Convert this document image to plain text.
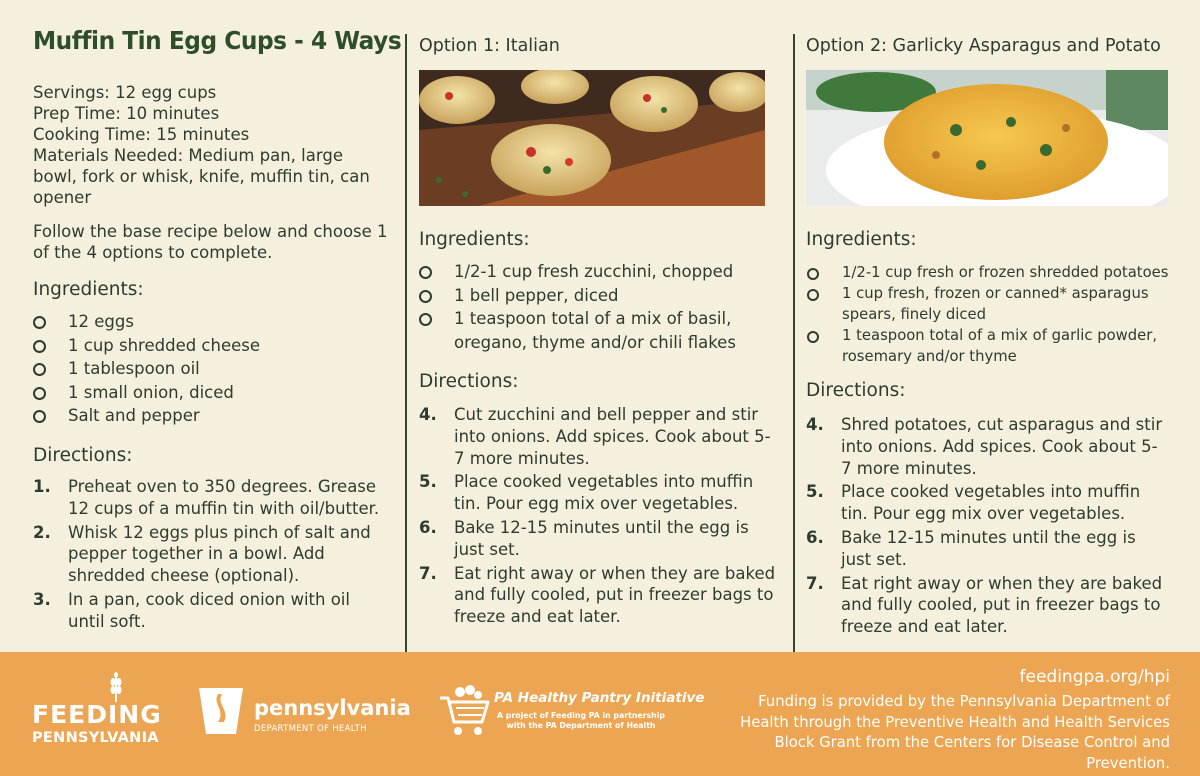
Muffin Tin Egg Cups - 4 Ways
Servings: 12 egg cups
Prep Time: 10 minutes
Cooking Time: 15 minutes
Materials Needed: Medium pan, large bowl, fork or whisk, knife, muffin tin, can opener
Follow the base recipe below and choose 1 of the 4 options to complete.
Ingredients:
12 eggs
1 cup shredded cheese
1 tablespoon oil
1 small onion, diced
Salt and pepper
Directions:
1. Preheat oven to 350 degrees. Grease 12 cups of a muffin tin with oil/butter.
2. Whisk 12 eggs plus pinch of salt and pepper together in a bowl. Add shredded cheese (optional).
3. In a pan, cook diced onion with oil until soft.
Option 1: Italian
Ingredients:
1/2-1 cup fresh zucchini, chopped
1 bell pepper, diced
1 teaspoon total of a mix of basil, oregano, thyme and/or chili flakes
Directions:
4. Cut zucchini and bell pepper and stir into onions. Add spices. Cook about 5-7 more minutes.
5. Place cooked vegetables into muffin tin. Pour egg mix over vegetables.
6. Bake 12-15 minutes until the egg is just set.
7. Eat right away or when they are baked and fully cooled, put in freezer bags to freeze and eat later.
Option 2: Garlicky Asparagus and Potato
Ingredients:
1/2-1 cup fresh or frozen shredded potatoes
1 cup fresh, frozen or canned* asparagus spears, finely diced
1 teaspoon total of a mix of garlic powder, rosemary and/or thyme
Directions:
4. Shred potatoes, cut asparagus and stir into onions. Add spices. Cook about 5-7 more minutes.
5. Place cooked vegetables into muffin tin. Pour egg mix over vegetables.
6. Bake 12-15 minutes until the egg is just set.
7. Eat right away or when they are baked and fully cooled, put in freezer bags to freeze and eat later.
FEEDING
PENNSYLVANIA
pennsylvania
DEPARTMENT OF HEALTH
PA Healthy Pantry Initiative
A project of Feeding PA in partnership
with the PA Department of Health
feedingpa.org/hpi
Funding is provided by the Pennsylvania Department of Health through the Preventive Health and Health Services Block Grant from the Centers for Disease Control and Prevention.
